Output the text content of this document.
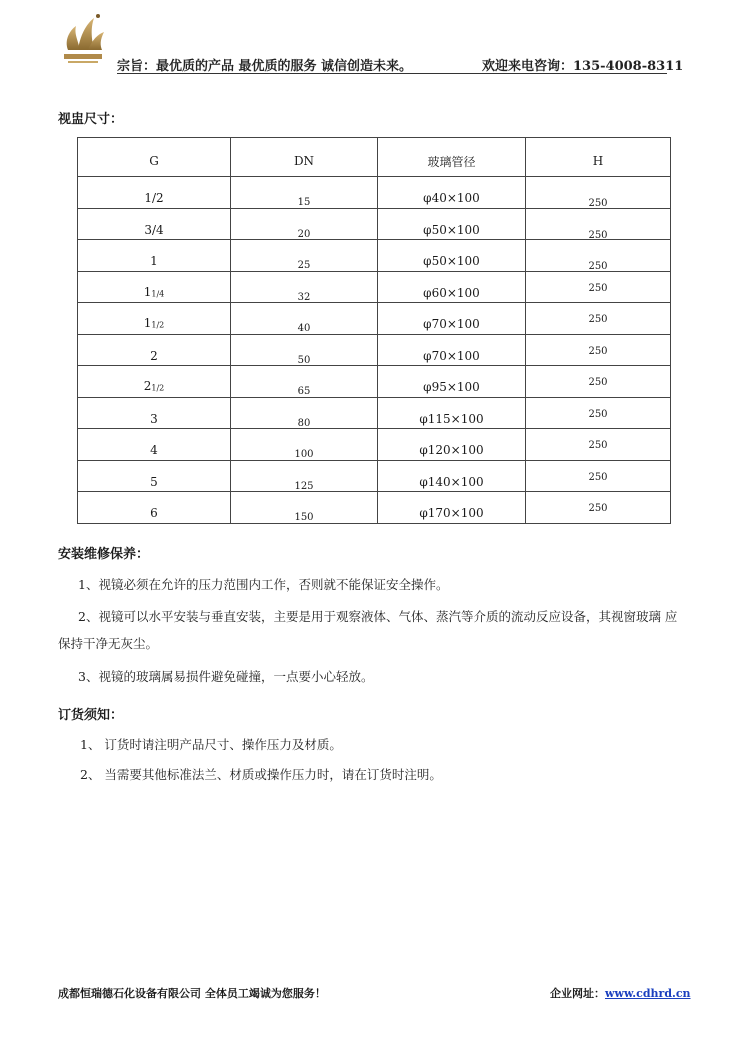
宗旨：最优质的产品 最优质的服务 诚信创造未来。	欢迎来电咨询：135-4008-8311
视盅尺寸：
G	DN	玻璃管径	H
1/2	$_{15}$	φ40×100	$_{250}$
3/4	$_{20}$	φ50×100	$_{250}$
1	$_{25}$	φ50×100	$_{250}$
$1_{1/4}$	$_{32}$	φ60×100	250
$1_{1/2}$	$_{40}$	φ70×100	250
2	$_{50}$	φ70×100	250
$2_{1/2}$	$_{65}$	φ95×100	250
3	$_{80}$	φ115×100	250
4	$_{100}$	φ120×100	250
5	$_{125}$	φ140×100	250
6	$_{150}$	φ170×100	250
安装维修保养：
1、视镜必须在允许的压力范围内工作，否则就不能保证安全操作。
2、视镜可以水平安装与垂直安装，主要是用于观察液体、气体、蒸汽等介质的流动反应设备，其视窗玻璃 应
保持干净无灰尘。
3、视镜的玻璃属易损件避免碰撞，一点要小心轻放。
订货须知：
1、 订货时请注明产品尺寸、操作压力及材质。
2、 当需要其他标准法兰、材质或操作压力时，请在订货时注明。
成都恒瑞德石化设备有限公司 全体员工竭诚为您服务！	企业网址：www.cdhrd.cn
